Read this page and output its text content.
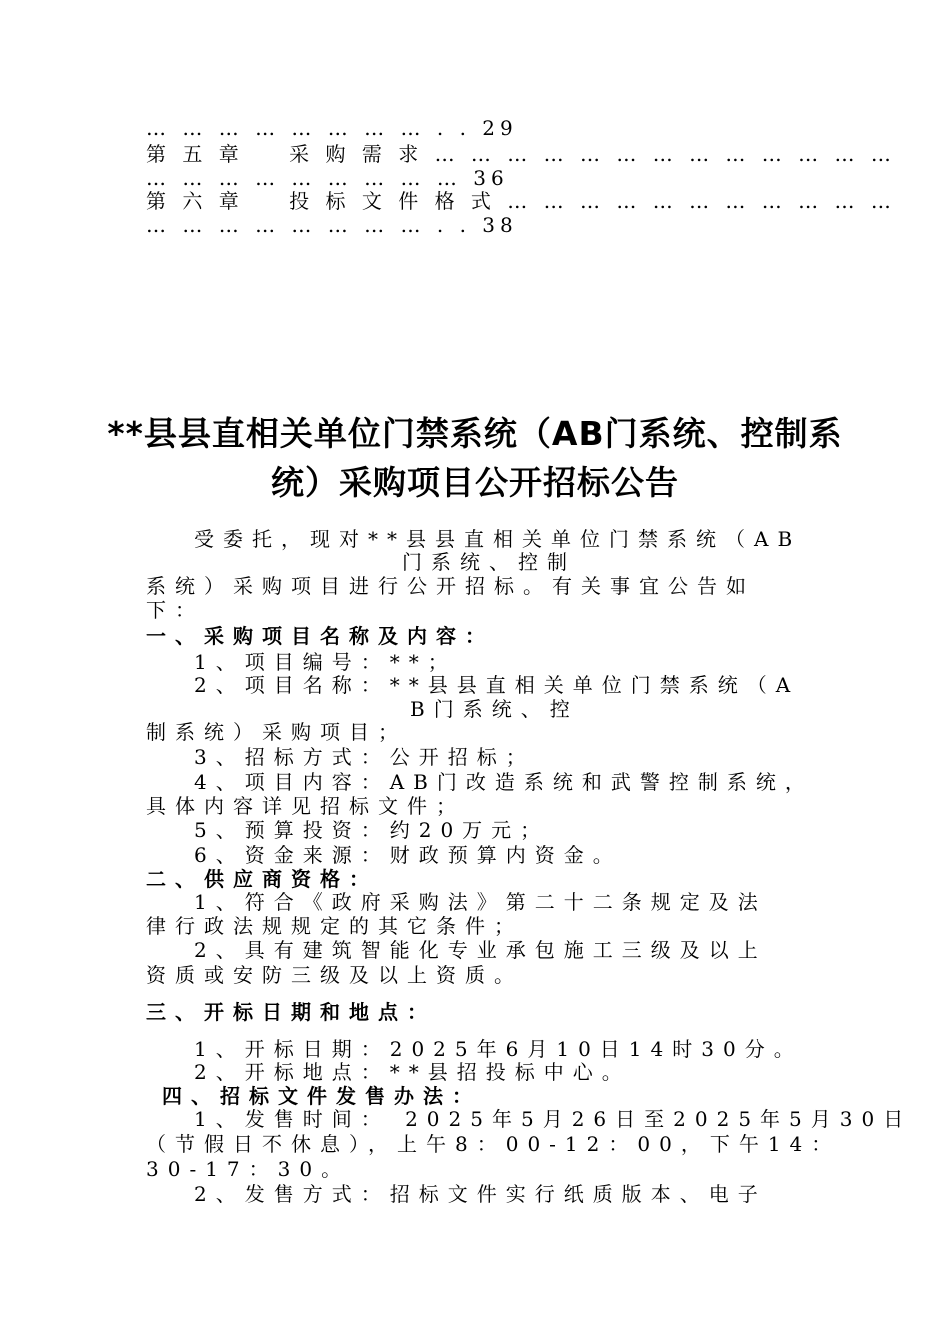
… … … … … … … … . . 29
第 五 章    采 购 需 求 … … … … … … … … … … … … …
… … … … … … … … … 36
第 六 章    投 标 文 件 格 式 … … … … … … … … … … …
… … … … … … … … . . 38
**县县直相关单位门禁系统（AB门系统、控制系
统）采购项目公开招标公告
受委托，现对**县县直相关单位门禁系统（AB
门系统、控制
系统）采购项目进行公开招标。有关事宜公告如
下：
一、采购项目名称及内容：
1、项目编号：**；
2、项目名称：**县县直相关单位门禁系统（A
B门系统、控
制系统）采购项目；
3、招标方式：公开招标；
4、项目内容：AB门改造系统和武警控制系统，
具体内容详见招标文件；
5、预算投资：约20万元；
6、资金来源：财政预算内资金。
二、供应商资格：
1、符合《政府采购法》第二十二条规定及法
律行政法规规定的其它条件；
2、具有建筑智能化专业承包施工三级及以上
资质或安防三级及以上资质。
三、开标日期和地点：
1、开标日期：2025年6月10日14时30分。
2、开标地点：**县招投标中心。
四、招标文件发售办法：
1、发售时间： 2025年5月26日至2025年5月30日
（节假日不休息），上午8：00-12：00，下午14：
30-17：30。
2、发售方式：招标文件实行纸质版本、电子
